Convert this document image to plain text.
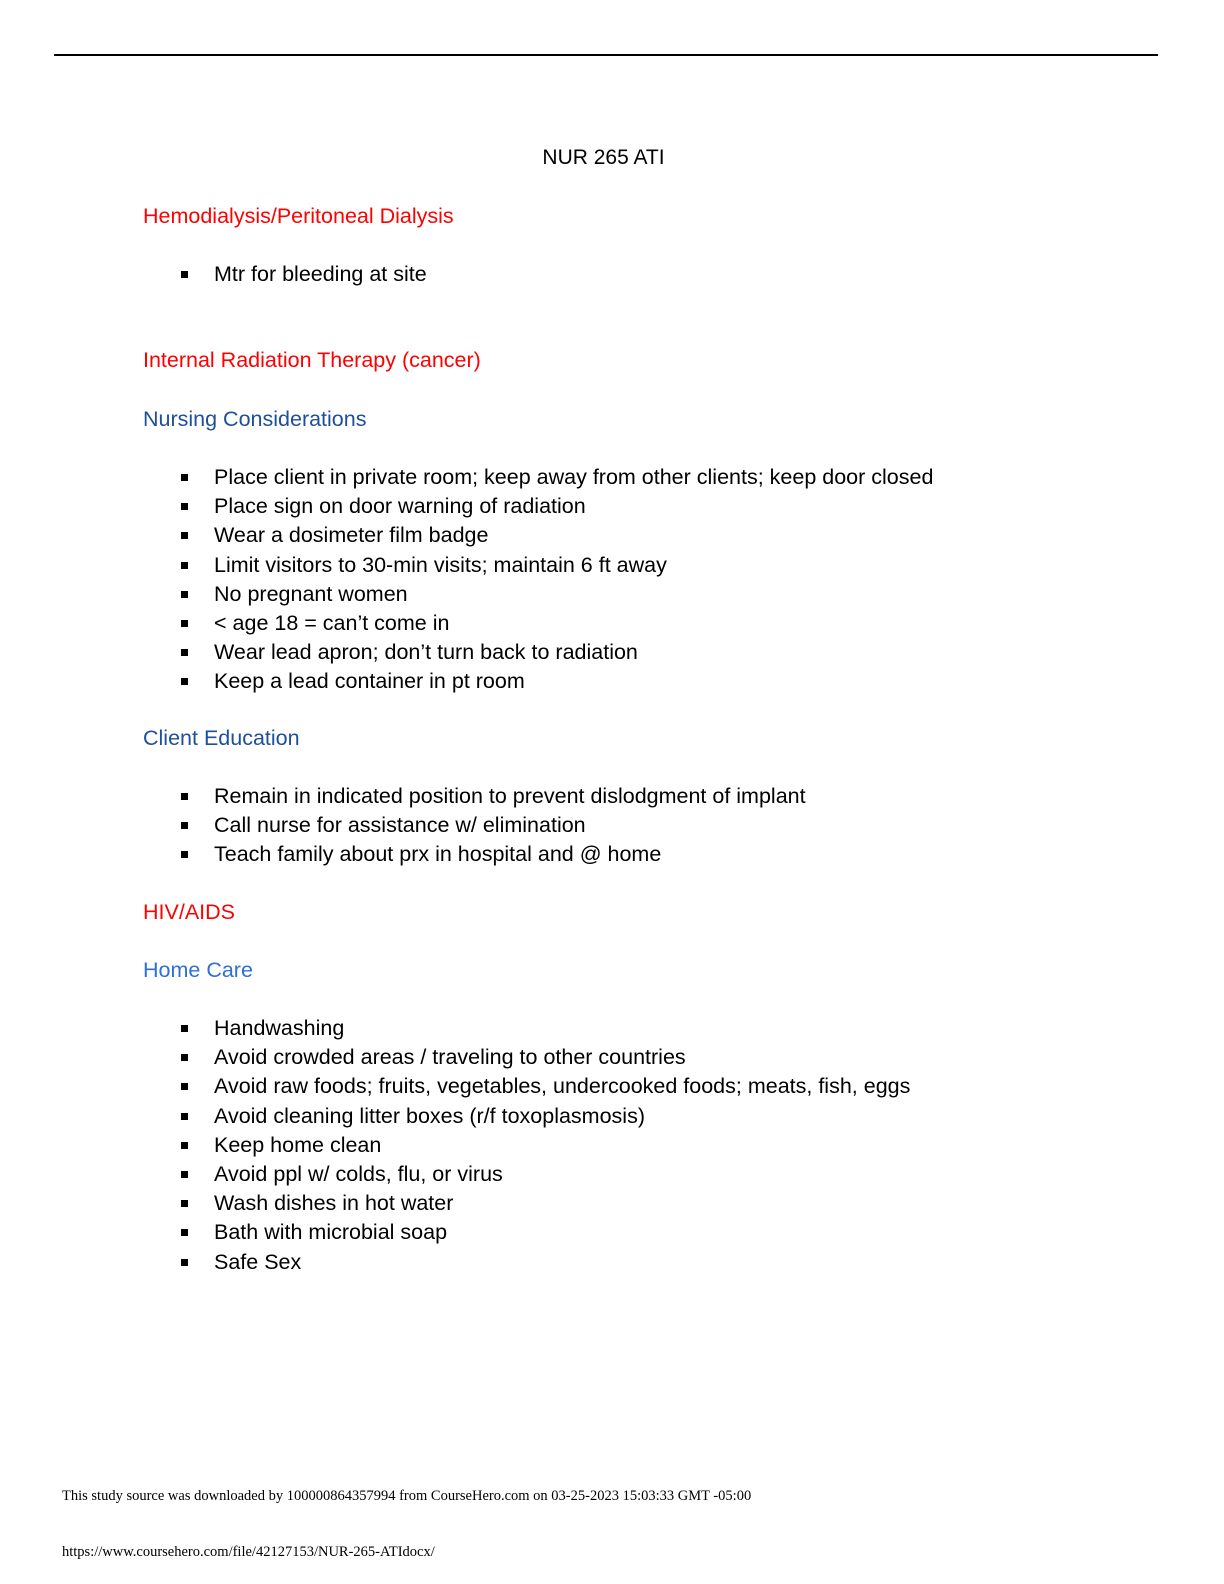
NUR 265 ATI
Hemodialysis/Peritoneal Dialysis
Mtr for bleeding at site
Internal Radiation Therapy (cancer)
Nursing Considerations
Place client in private room; keep away from other clients; keep door closed
Place sign on door warning of radiation
Wear a dosimeter film badge
Limit visitors to 30-min visits; maintain 6 ft away
No pregnant women
< age 18 = can’t come in
Wear lead apron; don’t turn back to radiation
Keep a lead container in pt room
Client Education
Remain in indicated position to prevent dislodgment of implant
Call nurse for assistance w/ elimination
Teach family about prx in hospital and @ home
HIV/AIDS
Home Care
Handwashing
Avoid crowded areas / traveling to other countries
Avoid raw foods; fruits, vegetables, undercooked foods; meats, fish, eggs
Avoid cleaning litter boxes (r/f toxoplasmosis)
Keep home clean
Avoid ppl w/ colds, flu, or virus
Wash dishes in hot water
Bath with microbial soap
Safe Sex
This study source was downloaded by 100000864357994 from CourseHero.com on 03-25-2023 15:03:33 GMT -05:00
https://www.coursehero.com/file/42127153/NUR-265-ATIdocx/
